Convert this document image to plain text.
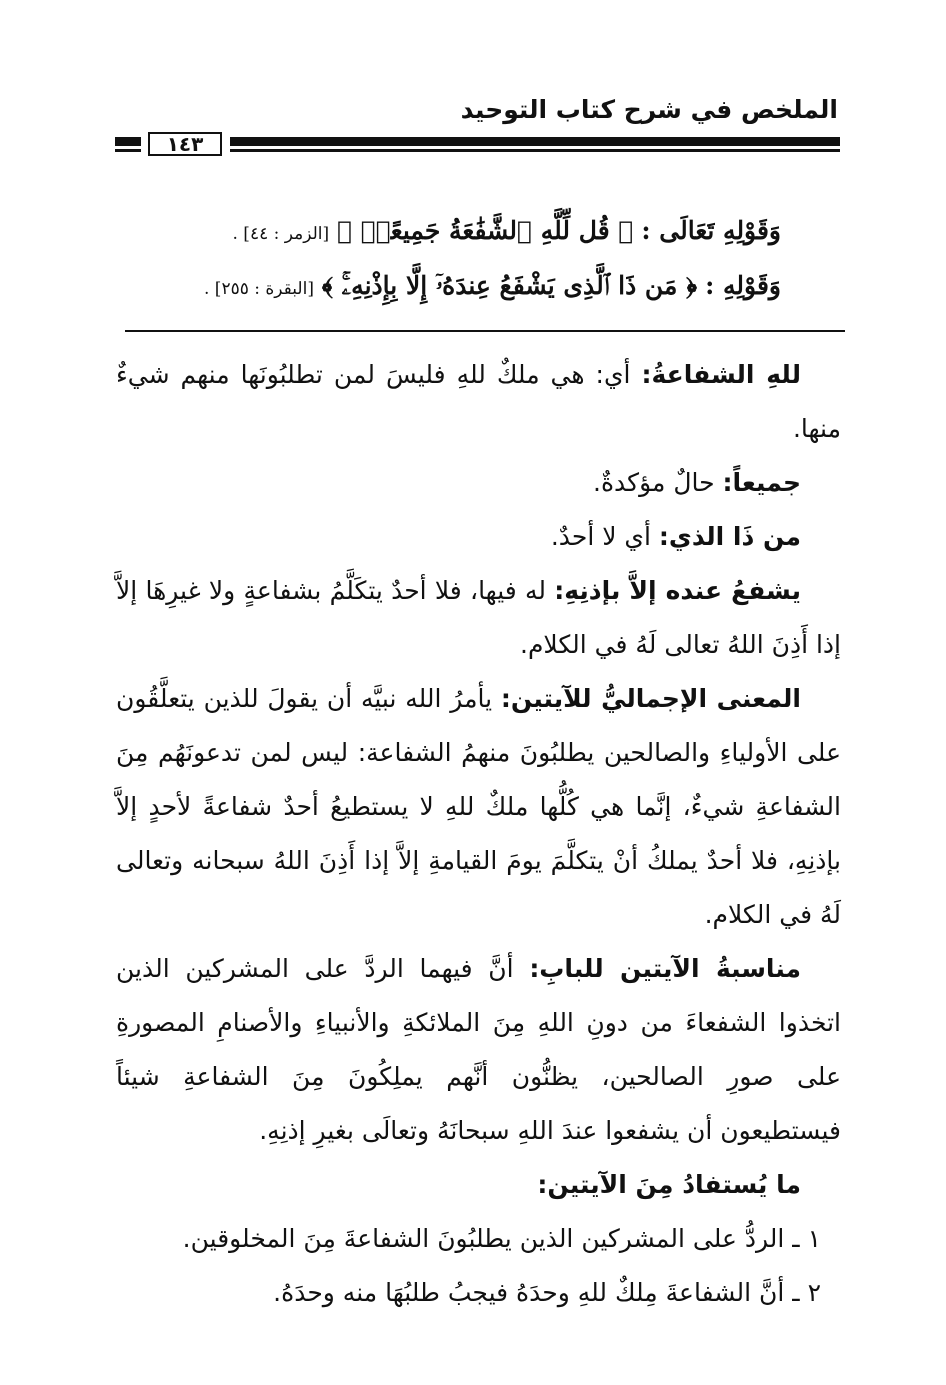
الملخص في شرح كتاب التوحيد
١٤٣
وَقَوْلِهِ تَعَالَى : ﴿ قُل لِّلَّهِ ٱلشَّفَٰعَةُ جَمِيعًاۖ ﴾ [الزمر : ٤٤] .
وَقَوْلِهِ : ﴿ مَن ذَا ٱلَّذِى يَشْفَعُ عِندَهُۥٓ إِلَّا بِإِذْنِهِۦۚ ﴾ [البقرة : ٢٥٥] .

للهِ الشفاعةُ: أي: هي ملكٌ للهِ فليسَ لمن تطلبُونَها منهم شيءٌ منها.

جميعاً: حالٌ مؤكدةٌ.

من ذَا الذي: أي لا أحدٌ.

يشفعُ عنده إلاَّ بإذنِهِ: له فيها، فلا أحدٌ يتكَلَّمُ بشفاعةٍ ولا غيرِهَا إلاَّ إذا أَذِنَ اللهُ تعالى لَهُ في الكلام.

المعنى الإجماليُّ للآيتين: يأمرُ الله نبيَّه أن يقولَ للذين يتعلَّقُون على الأولياءِ والصالحين يطلبُونَ منهمُ الشفاعة: ليس لمن تدعونَهُم مِنَ الشفاعةِ شيءٌ، إنَّما هي كُلُّها ملكٌ للهِ لا يستطيعُ أحدٌ شفاعةً لأحدٍ إلاَّ بإذنِهِ، فلا أحدٌ يملكُ أنْ يتكلَّمَ يومَ القيامةِ إلاَّ إذا أَذِنَ اللهُ سبحانه وتعالى لَهُ في الكلام.

مناسبةُ الآيتين للبابِ: أنَّ فيهما الردَّ على المشركين الذين اتخذوا الشفعاءَ من دونِ اللهِ مِنَ الملائكةِ والأنبياءِ والأصنامِ المصورةِ على صورِ الصالحين، يظنُّون أنَّهم يملِكُونَ مِنَ الشفاعةِ شيئاً فيستطيعون أن يشفعوا عندَ اللهِ سبحانَهُ وتعالَى بغيرِ إذنِهِ.

ما يُستفادُ مِنَ الآيتين:

١ ـ الردُّ على المشركين الذين يطلبُونَ الشفاعةَ مِنَ المخلوقين.

٢ ـ أنَّ الشفاعةَ مِلكٌ للهِ وحدَهُ فيجبُ طلبُهَا منه وحدَهُ.
